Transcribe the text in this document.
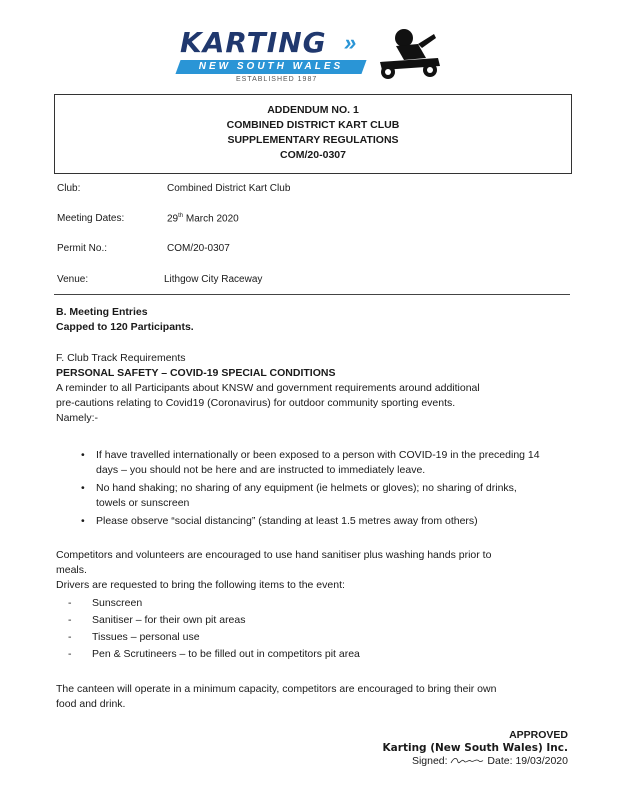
KARTING »
NEW SOUTH WALES
ESTABLISHED 1987
ADDENDUM NO. 1
COMBINED DISTRICT KART CLUB
SUPPLEMENTARY REGULATIONS
COM/20-0307
Club:	Combined District Kart Club
Meeting Dates:	29th March 2020
Permit No.:	COM/20-0307
Venue:	Lithgow City Raceway
B. Meeting Entries
Capped to 120 Participants.
F. Club Track Requirements
PERSONAL SAFETY – COVID-19 SPECIAL CONDITIONS
A reminder to all Participants about KNSW and government requirements around additional
pre-cautions relating to Covid19 (Coronavirus) for outdoor community sporting events.
Namely:-
• If have travelled internationally or been exposed to a person with COVID-19 in the preceding 14 days – you should not be here and are instructed to immediately leave.
• No hand shaking; no sharing of any equipment (ie helmets or gloves); no sharing of drinks, towels or sunscreen
• Please observe “social distancing” (standing at least 1.5 metres away from others)
Competitors and volunteers are encouraged to use hand sanitiser plus washing hands prior to
meals.
Drivers are requested to bring the following items to the event:
- Sunscreen
- Sanitiser – for their own pit areas
- Tissues – personal use
- Pen & Scrutineers – to be filled out in competitors pit area
The canteen will operate in a minimum capacity, competitors are encouraged to bring their own
food and drink.
APPROVED
Karting (New South Wales) Inc.
Signed:	Date: 19/03/2020
